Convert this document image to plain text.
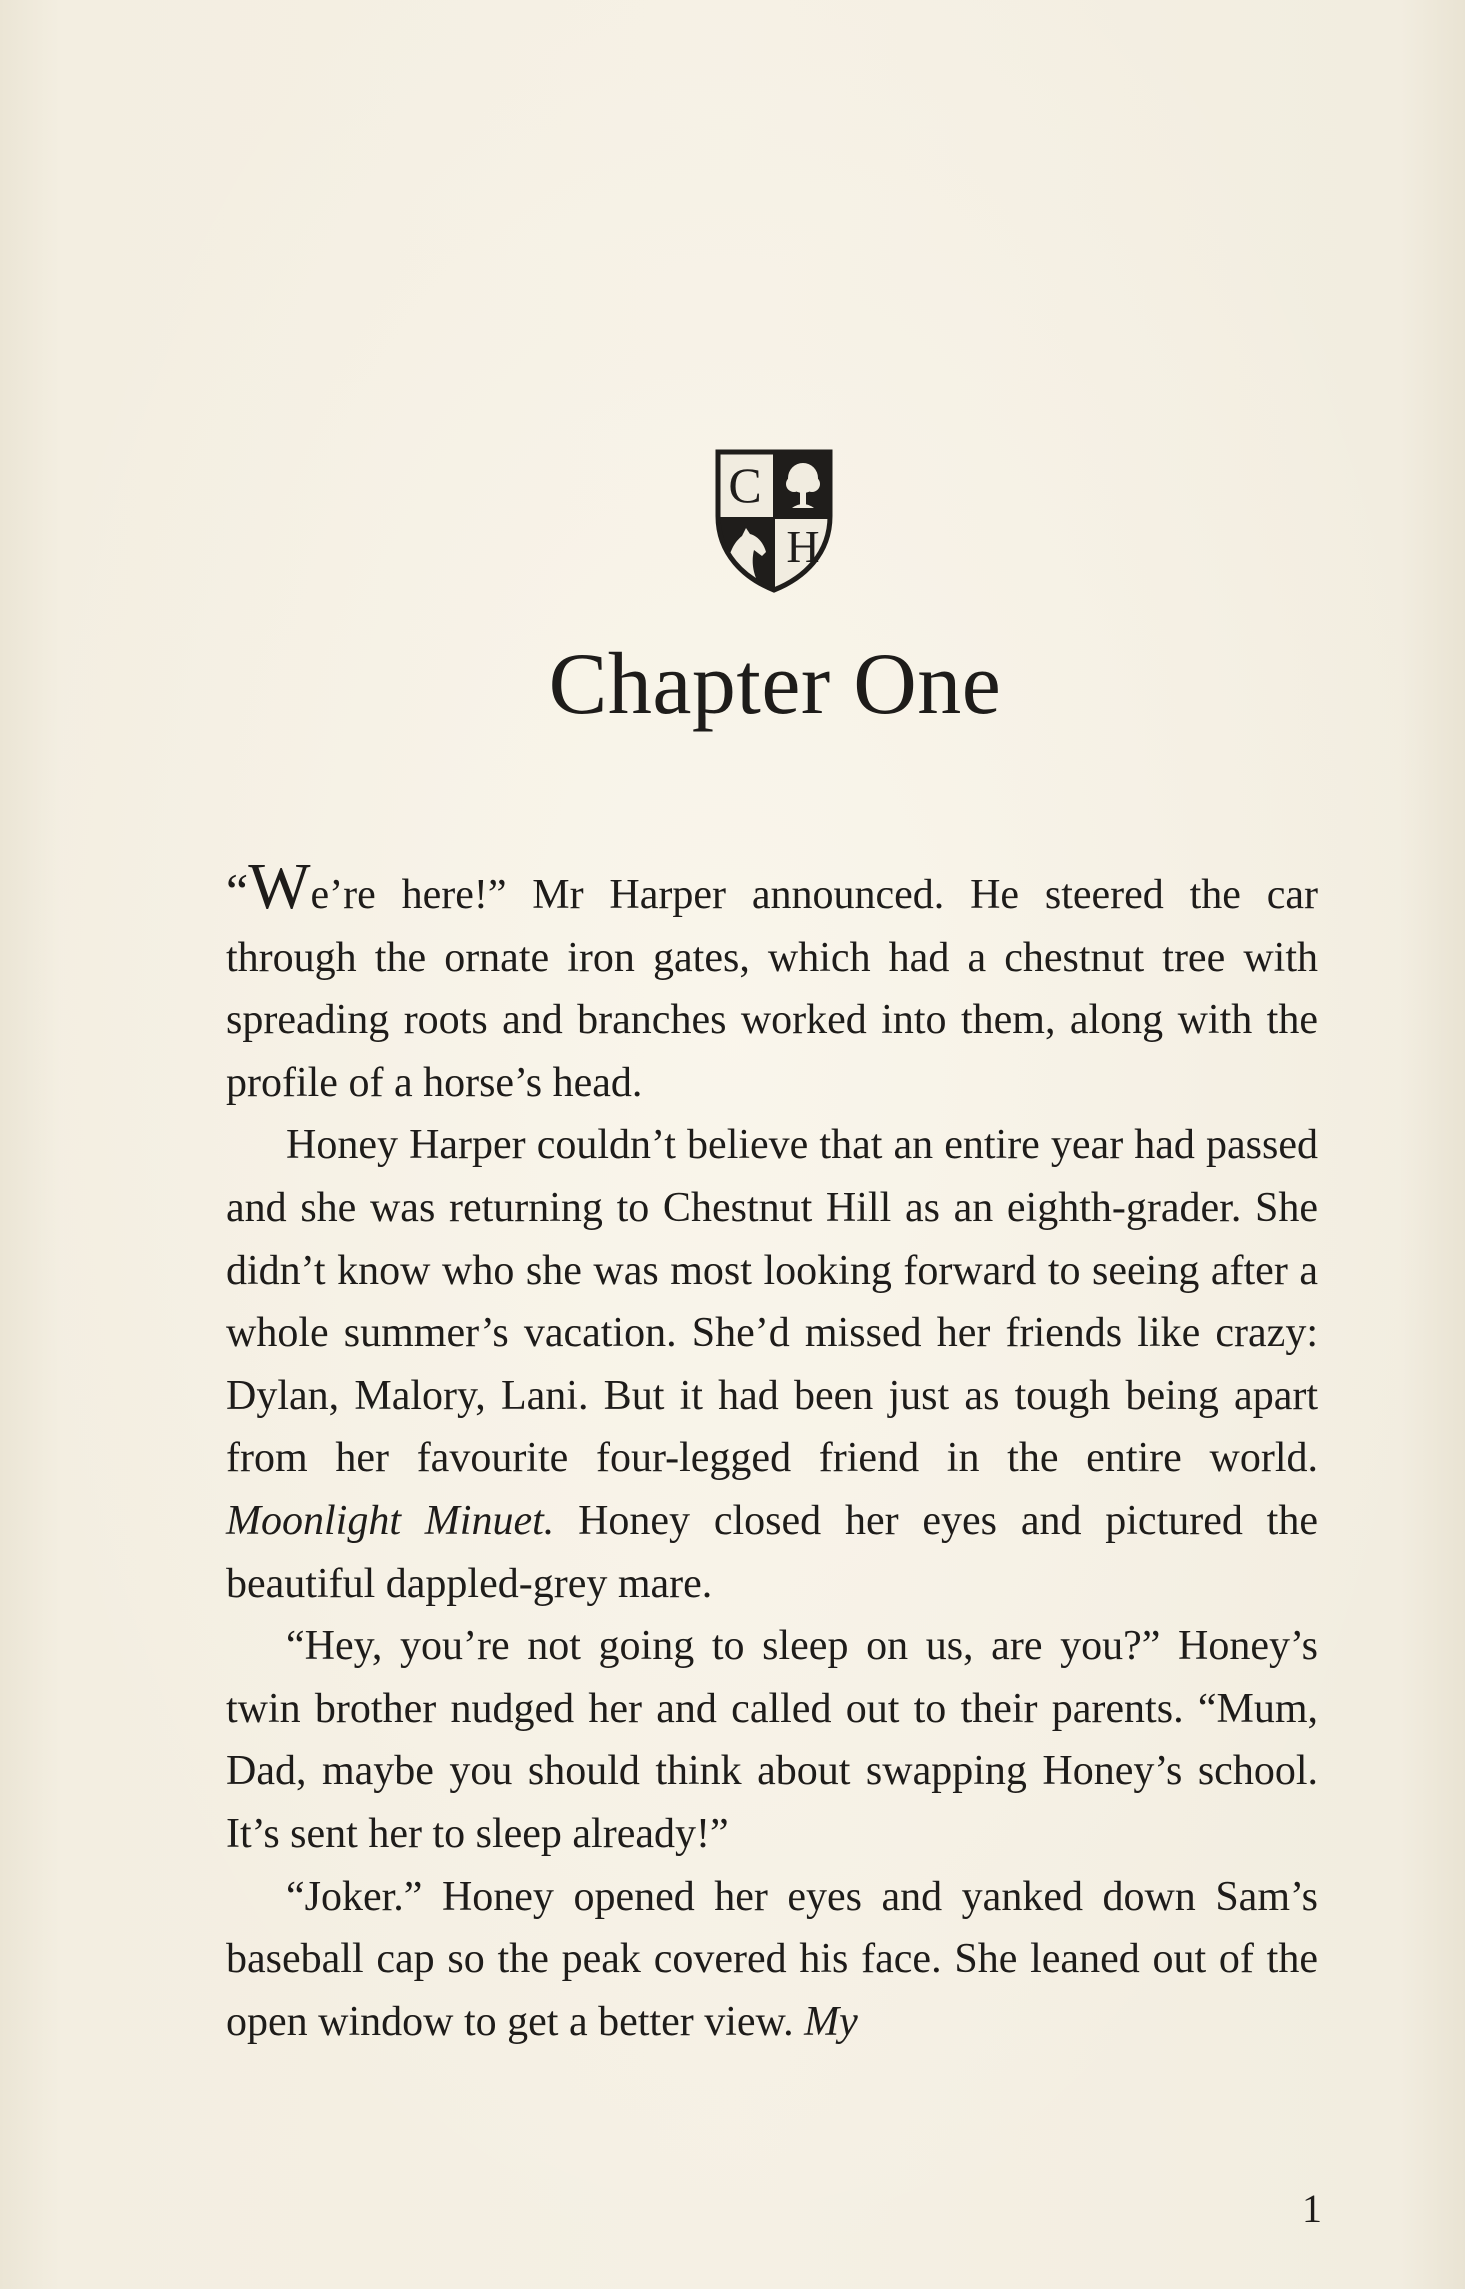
C
H
Chapter One

“We’re here!” Mr Harper announced. He steered the car through the ornate iron gates, which had a chestnut tree with spreading roots and branches worked into them, along with the profile of a horse’s head.

Honey Harper couldn’t believe that an entire year had passed and she was returning to Chestnut Hill as an eighth-grader. She didn’t know who she was most looking forward to seeing after a whole summer’s vacation. She’d missed her friends like crazy: Dylan, Malory, Lani. But it had been just as tough being apart from her favourite four-legged friend in the entire world. Moonlight Minuet. Honey closed her eyes and pictured the beautiful dappled-grey mare.

“Hey, you’re not going to sleep on us, are you?” Honey’s twin brother nudged her and called out to their parents. “Mum, Dad, maybe you should think about swapping Honey’s school. It’s sent her to sleep already!”

“Joker.” Honey opened her eyes and yanked down Sam’s baseball cap so the peak covered his face. She leaned out of the open window to get a better view. My

1
